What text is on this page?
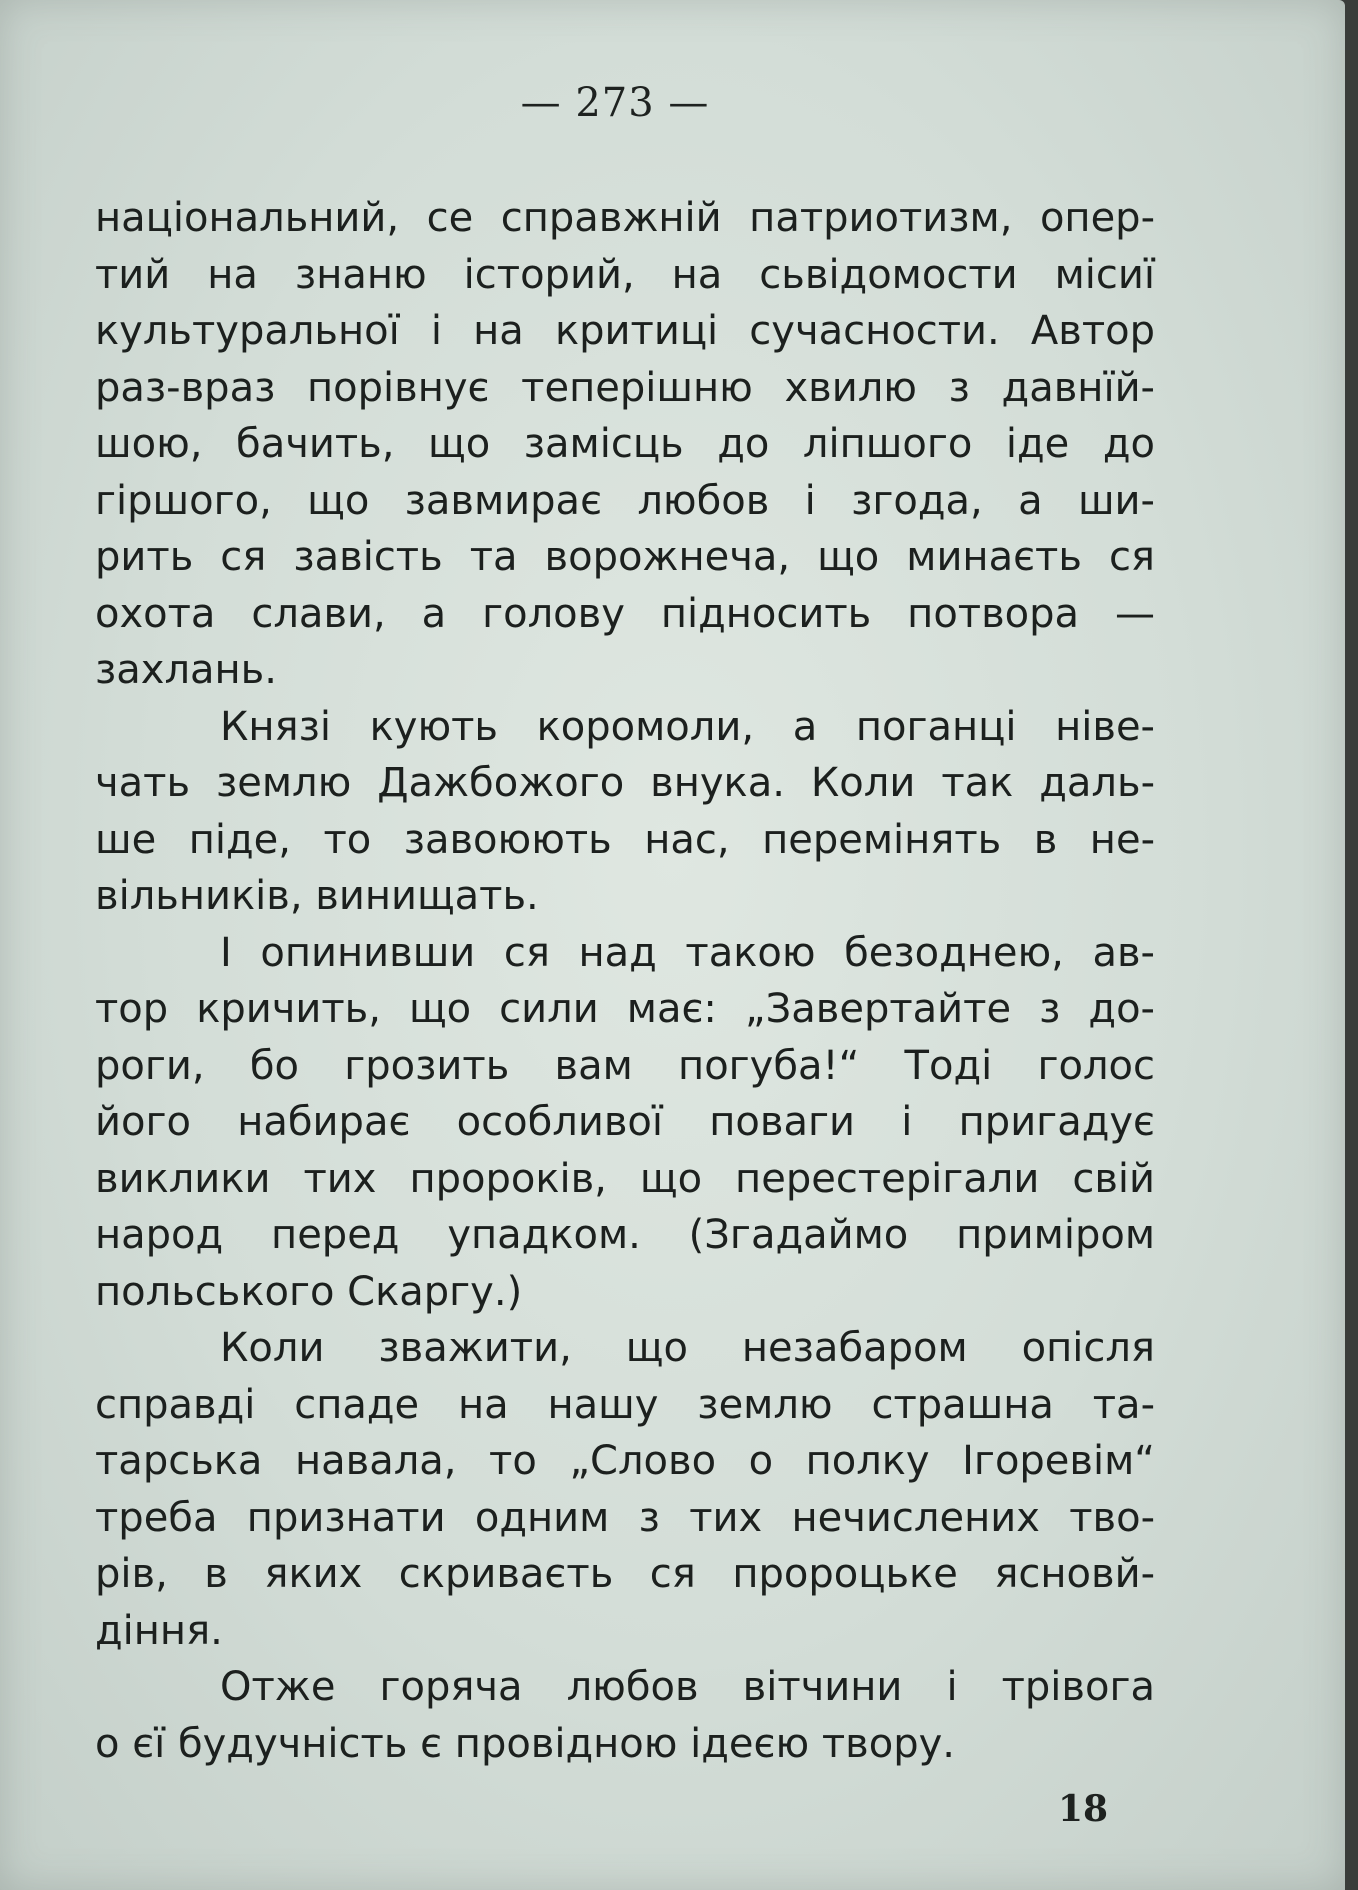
— 273 —
національний, се справжній патриотизм, опер-
тий на знаню історий, на сьвідомости місиї
культуральної і на критиці сучасности. Автор
раз-враз порівнує теперішню хвилю з давнїй-
шою, бачить, що замісць до ліпшого іде до
гіршого, що завмирає любов і згода, а ши-
рить ся завість та ворожнеча, що минаєть ся
охота слави, а голову підносить потвора —
захлань.
Князі кують коромоли, а поганці ніве-
чать землю Дажбожого внука. Коли так даль-
ше піде, то завоюють нас, перемінять в не-
вільників, винищать.
І опинивши ся над такою безоднею, ав-
тор кричить, що сили має: „Завертайте з до-
роги, бо грозить вам погуба!“ Тоді голос
його набирає особливої поваги і пригадує
виклики тих пророків, що перестерігали свій
народ перед упадком. (Згадаймо приміром
польського Скаргу.)
Коли зважити, що незабаром опісля
справді спаде на нашу землю страшна та-
тарська навала, то „Слово о полку Ігоревім“
треба признати одним з тих нечислених тво-
рів, в яких скриваєть ся пророцьке ясновй-
діння.
Отже горяча любов вітчини і трівога
о єї будучність є провідною ідеєю твору.
18
